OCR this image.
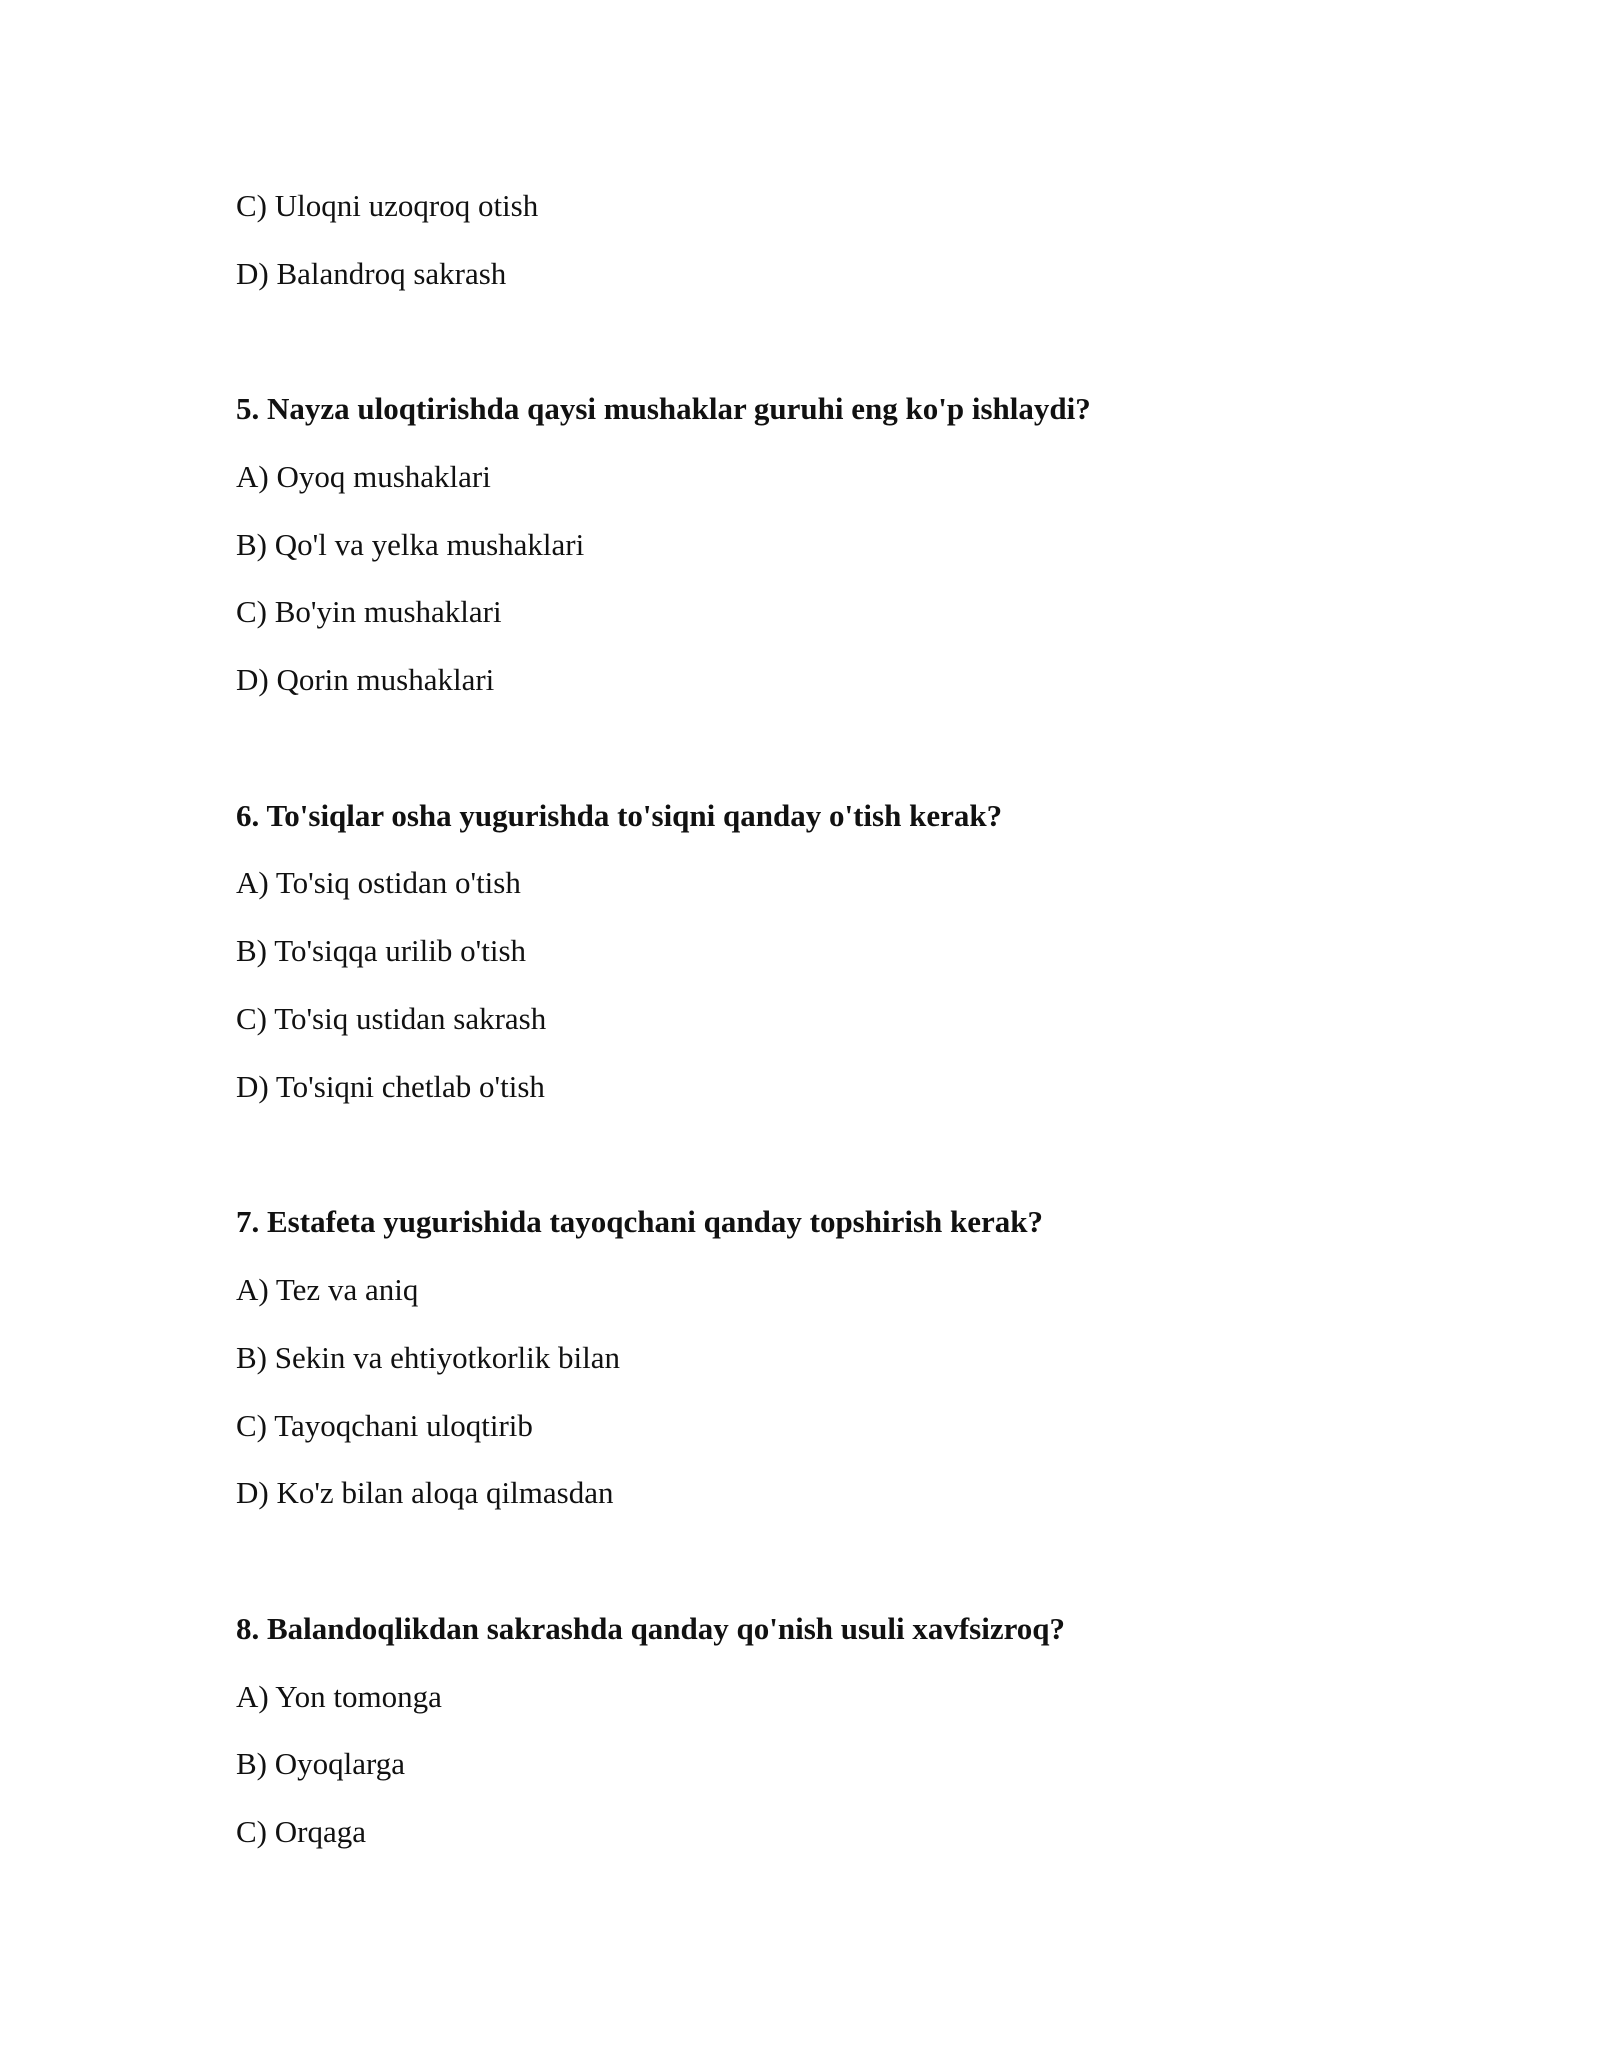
C) Uloqni uzoqroq otish
D) Balandroq sakrash
5. Nayza uloqtirishda qaysi mushaklar guruhi eng ko'p ishlaydi?
A) Oyoq mushaklari
B) Qo'l va yelka mushaklari
C) Bo'yin mushaklari
D) Qorin mushaklari
6. To'siqlar osha yugurishda to'siqni qanday o'tish kerak?
A) To'siq ostidan o'tish
B) To'siqqa urilib o'tish
C) To'siq ustidan sakrash
D) To'siqni chetlab o'tish
7. Estafeta yugurishida tayoqchani qanday topshirish kerak?
A) Tez va aniq
B) Sekin va ehtiyotkorlik bilan
C) Tayoqchani uloqtirib
D) Ko'z bilan aloqa qilmasdan
8. Balandoqlikdan sakrashda qanday qo'nish usuli xavfsizroq?
A) Yon tomonga
B) Oyoqlarga
C) Orqaga
